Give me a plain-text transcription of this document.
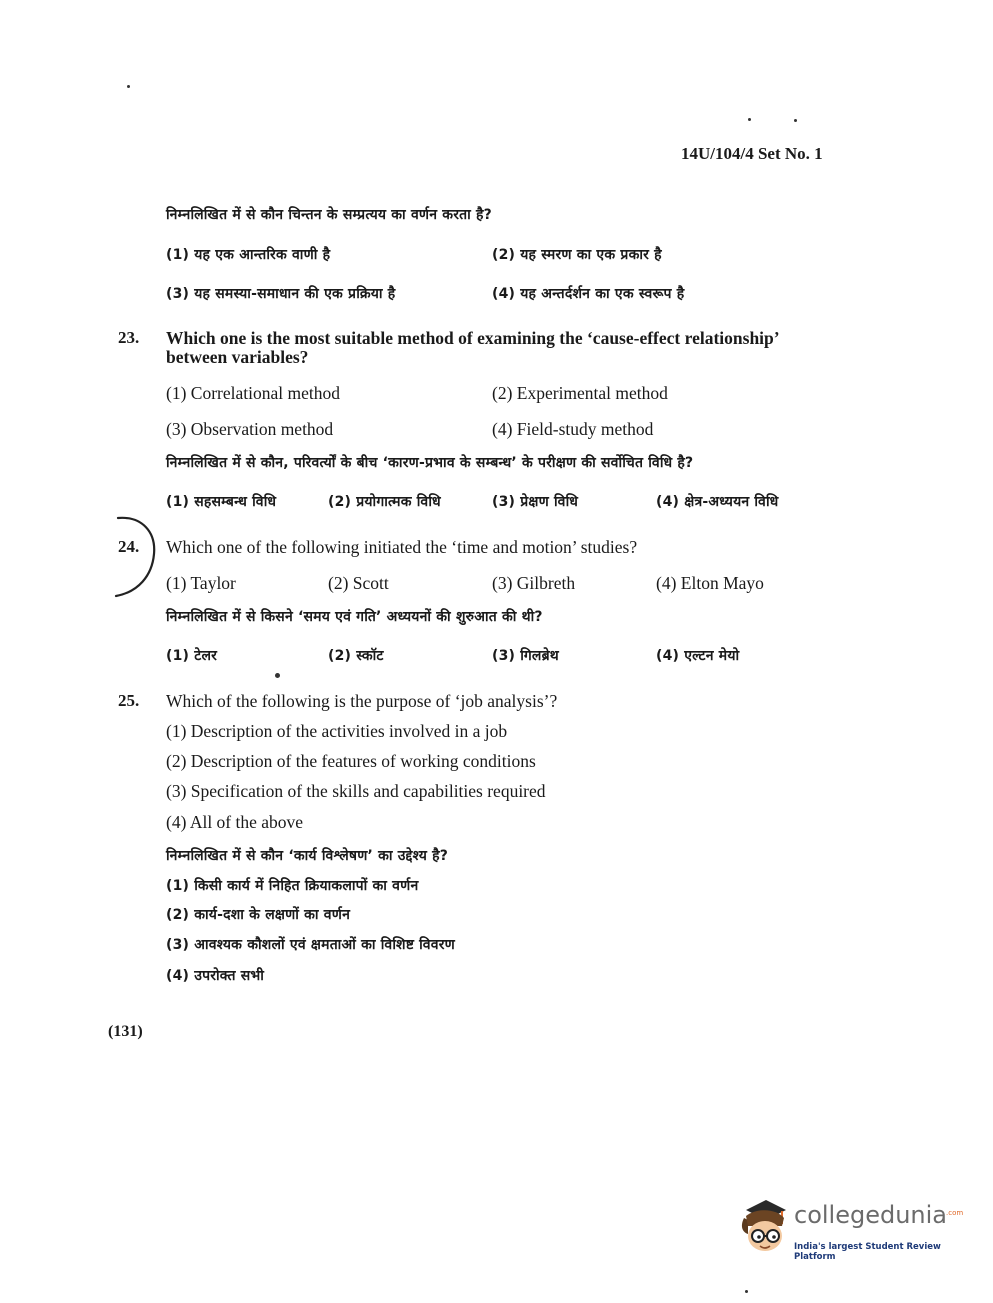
14U/104/4 Set No. 1
निम्नलिखित में से कौन चिन्तन के सम्प्रत्यय का वर्णन करता है?
(1) यह एक आन्तरिक वाणी है	(2) यह स्मरण का एक प्रकार है
(3) यह समस्या-समाधान की एक प्रक्रिया है	(4) यह अन्तर्दर्शन का एक स्वरूप है
23. Which one is the most suitable method of examining the ‘cause-effect relationship’
between variables?
(1) Correlational method	(2) Experimental method
(3) Observation method	(4) Field-study method
निम्नलिखित में से कौन, परिवर्त्यों के बीच ‘कारण-प्रभाव के सम्बन्ध’ के परीक्षण की सर्वोचित विधि है?
(1) सहसम्बन्ध विधि	(2) प्रयोगात्मक विधि	(3) प्रेक्षण विधि	(4) क्षेत्र-अध्ययन विधि
24. Which one of the following initiated the ‘time and motion’ studies?
(1) Taylor	(2) Scott	(3) Gilbreth	(4) Elton Mayo
निम्नलिखित में से किसने ‘समय एवं गति’ अध्ययनों की शुरुआत की थी?
(1) टेलर	(2) स्कॉट	(3) गिलब्रेथ	(4) एल्टन मेयो
25. Which of the following is the purpose of ‘job analysis’?
(1) Description of the activities involved in a job
(2) Description of the features of working conditions
(3) Specification of the skills and capabilities required
(4) All of the above
निम्नलिखित में से कौन ‘कार्य विश्लेषण’ का उद्देश्य है?
(1) किसी कार्य में निहित क्रियाकलापों का वर्णन
(2) कार्य-दशा के लक्षणों का वर्णन
(3) आवश्यक कौशलों एवं क्षमताओं का विशिष्ट विवरण
(4) उपरोक्त सभी
(131)
collegedunia
.com
India's largest Student Review Platform
